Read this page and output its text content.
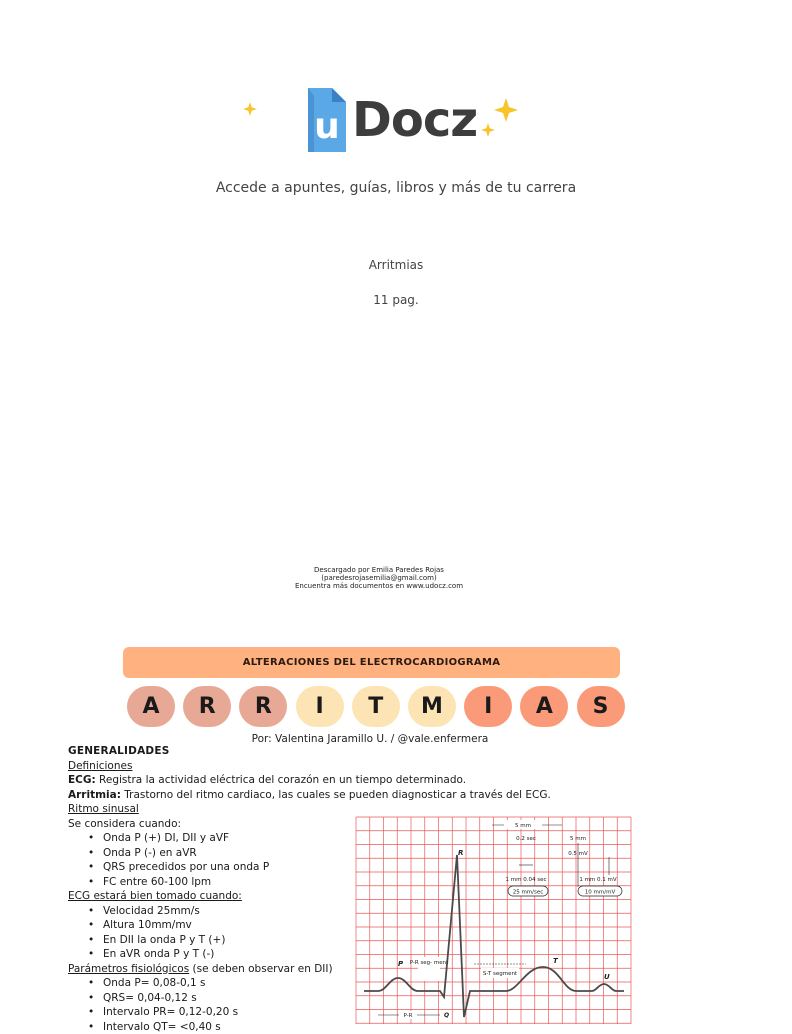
u Docz
Accede a apuntes, guías, libros y más de tu carrera
Arritmias
11 pag.
Descargado por Emilia Paredes Rojas
(paredesrojasemilia@gmail.com)
Encuentra más documentos en www.udocz.com
ALTERACIONES DEL ELECTROCARDIOGRAMA
A	R	R	I	T	M	I	A	S
Por: Valentina Jaramillo U. / @vale.enfermera
GENERALIDADES
Definiciones
ECG: Registra la actividad eléctrica del corazón en un tiempo determinado.
Arritmia: Trastorno del ritmo cardiaco, las cuales se pueden diagnosticar a través del ECG.
Ritmo sinusal
Se considera cuando:
• Onda P (+) DI, DII y aVF
• Onda P (-) en aVR
• QRS precedidos por una onda P
• FC entre 60-100 lpm
ECG estará bien tomado cuando:
• Velocidad 25mm/s
• Altura 10mm/mv
• En DII la onda P y T (+)
• En aVR onda P y T (-)
Parámetros fisiológicos (se deben observar en DII)
• Onda P= 0,08-0,1 s
• QRS= 0,04-0,12 s
• Intervalo PR= 0,12-0,20 s
• Intervalo QT= <0,40 s
5 mm
0.2 sec	5 mm
0.5 mV
1 mm 0.04 sec	1 mm 0.1 mV
25 mm/sec	10 mm/mV
R
P	T
U
Q
P-R seg- ment
S-T segment
P-R
